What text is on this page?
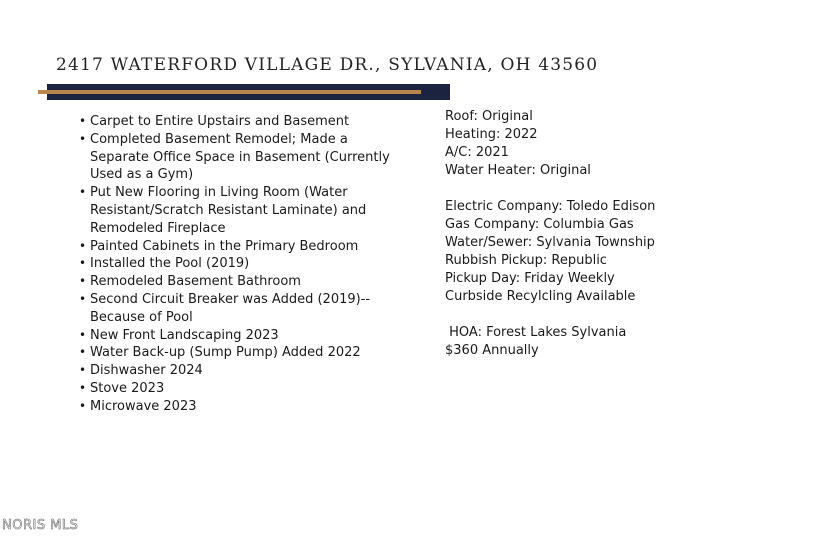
2417 WATERFORD VILLAGE DR., SYLVANIA, OH 43560
• Carpet to Entire Upstairs and Basement
• Completed Basement Remodel; Made a Separate Office Space in Basement (Currently Used as a Gym)
• Put New Flooring in Living Room (Water Resistant/Scratch Resistant Laminate) and Remodeled Fireplace
• Painted Cabinets in the Primary Bedroom
• Installed the Pool (2019)
• Remodeled Basement Bathroom
• Second Circuit Breaker was Added (2019)--Because of Pool
• New Front Landscaping 2023
• Water Back-up (Sump Pump) Added 2022
• Dishwasher 2024
• Stove 2023
• Microwave 2023
Roof: Original
Heating: 2022
A/C: 2021
Water Heater: Original
Electric Company: Toledo Edison
Gas Company: Columbia Gas
Water/Sewer: Sylvania Township
Rubbish Pickup: Republic
Pickup Day: Friday Weekly
Curbside Recylcling Available
HOA: Forest Lakes Sylvania
$360 Annually
NORIS MLS
